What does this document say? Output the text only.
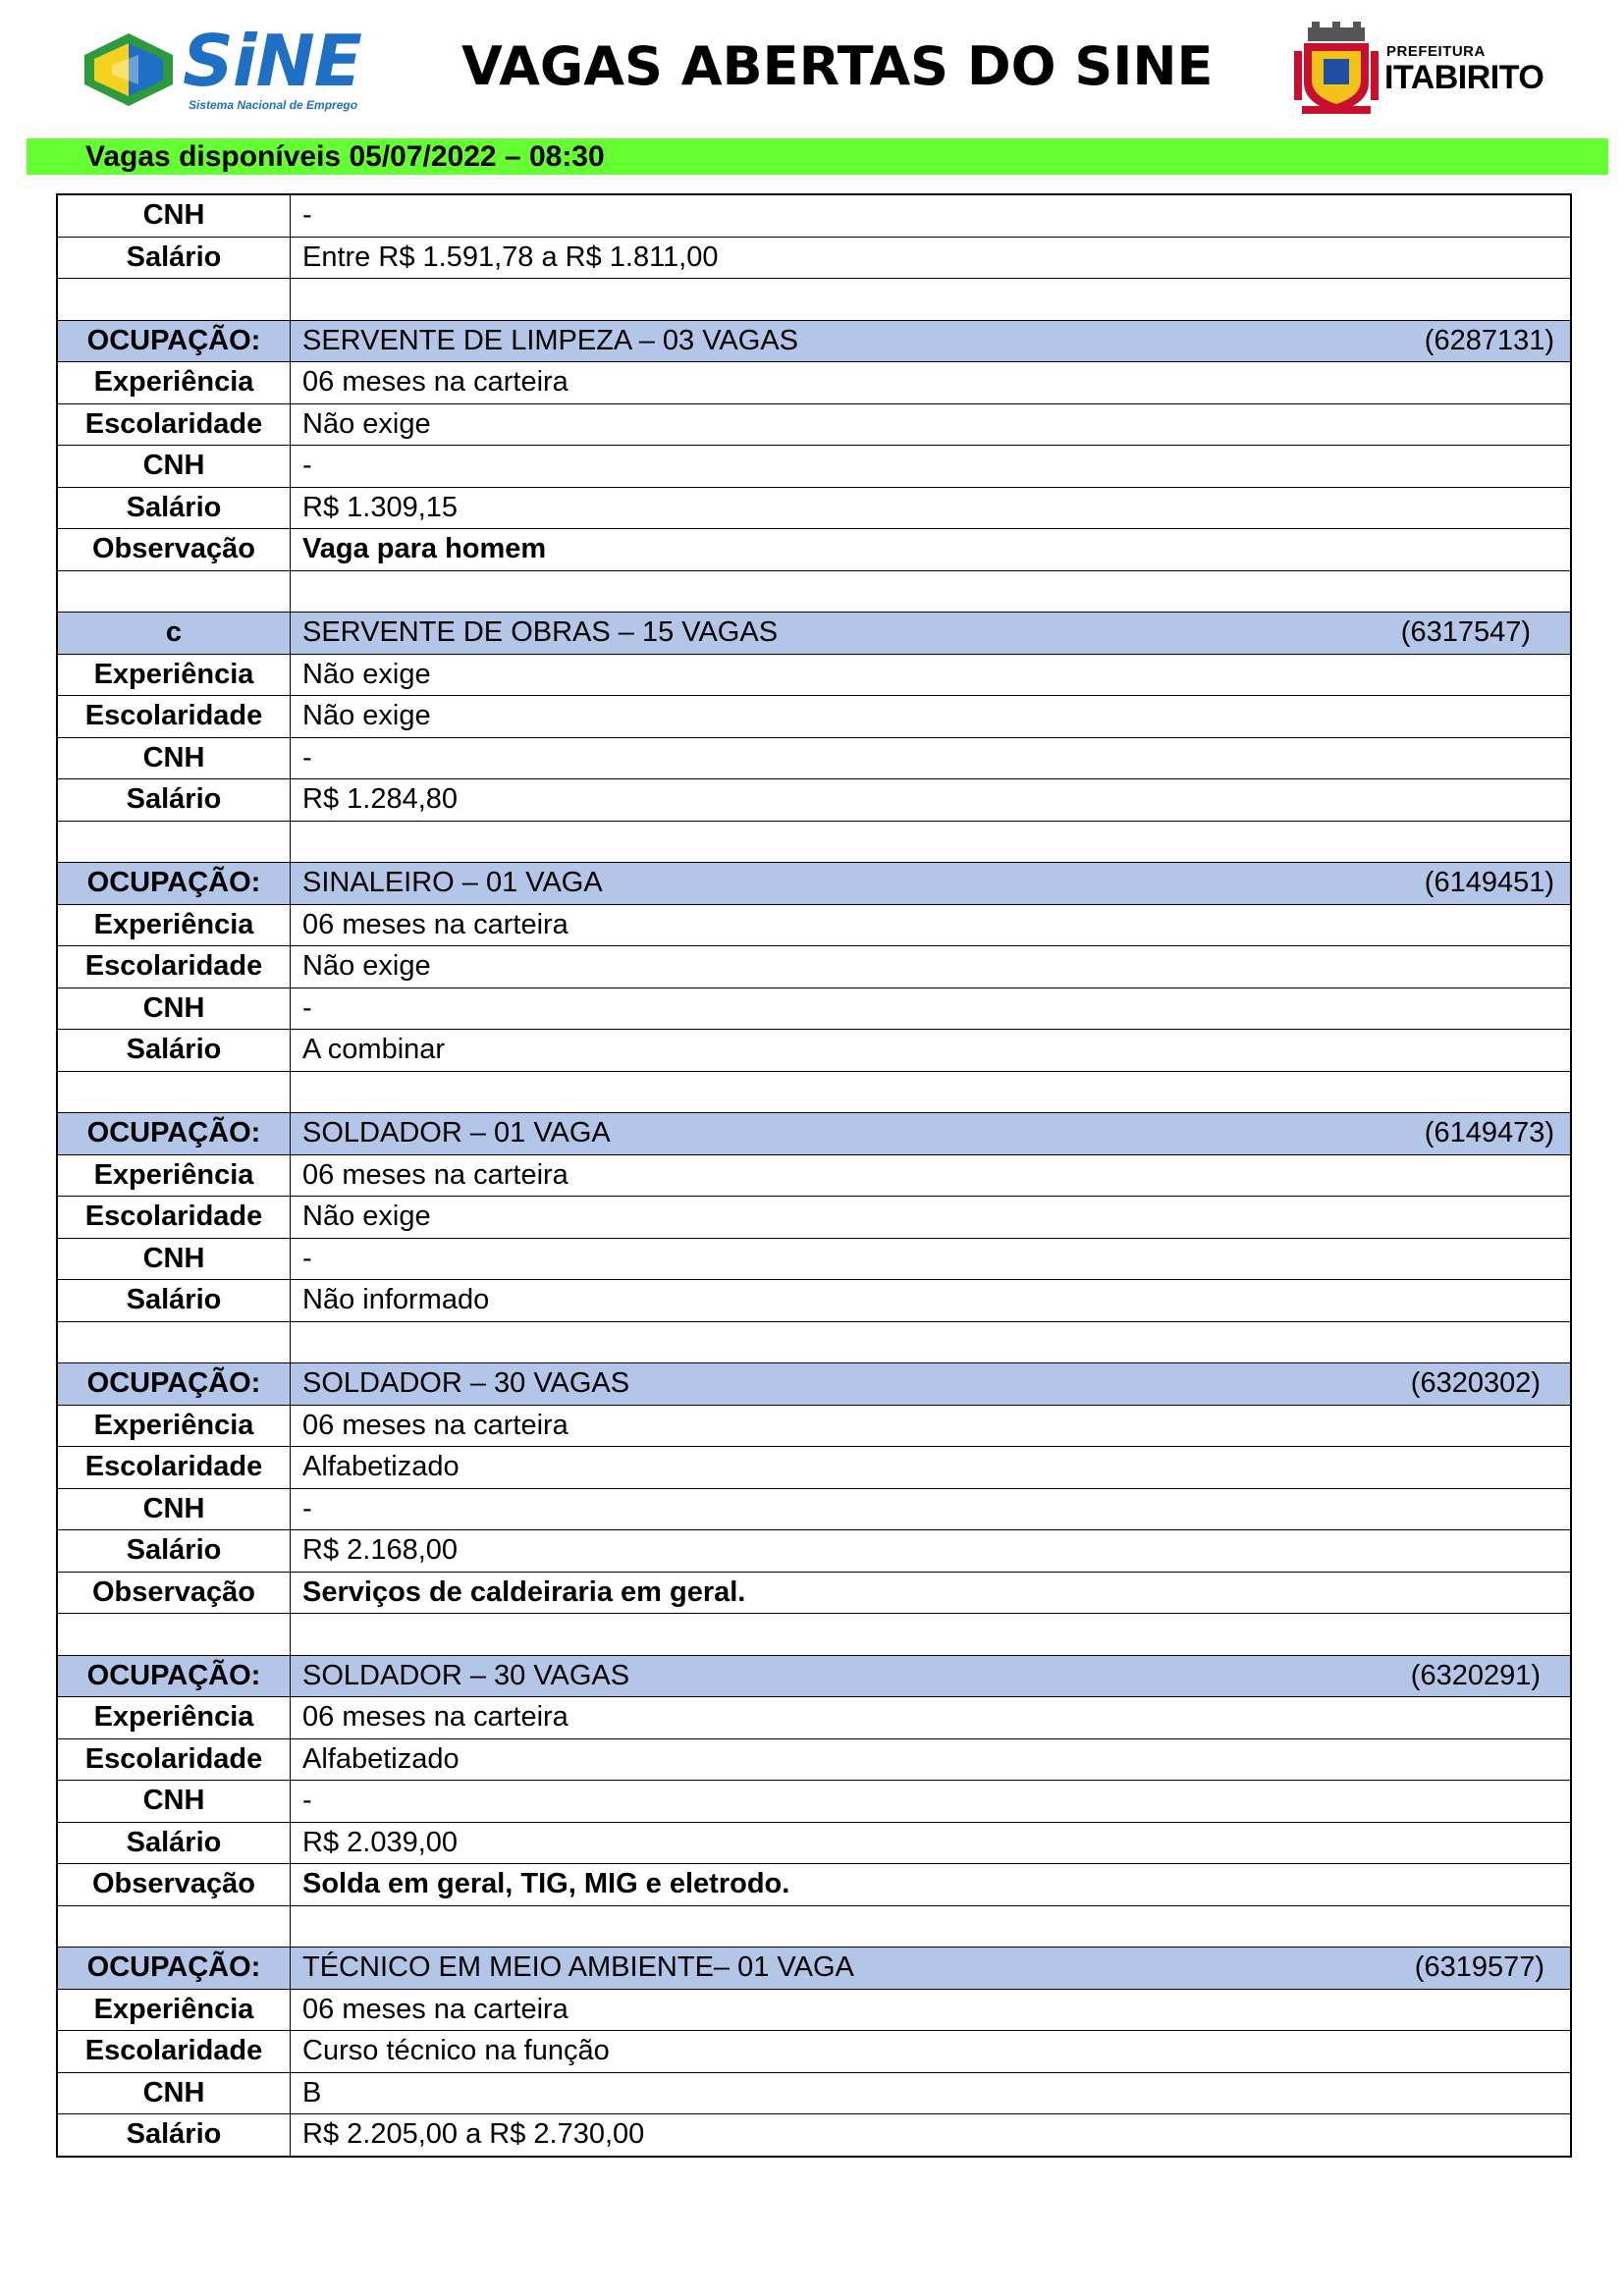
SiNE
Sistema Nacional de Emprego
VAGAS ABERTAS DO SINE	PREFEITURA
ITABIRITO
Vagas disponíveis 05/07/2022 – 08:30
CNH	-
Salário	Entre R$ 1.591,78 a R$ 1.811,00

OCUPAÇÃO:	SERVENTE DE LIMPEZA – 03 VAGAS (6287131)

Experiência	06 meses na carteira
Escolaridade	Não exige
CNH	-
Salário	R$ 1.309,15
Observação	Vaga para homem

c	SERVENTE DE OBRAS – 15 VAGAS (6317547)

Experiência	Não exige
Escolaridade	Não exige
CNH	-
Salário	R$ 1.284,80

OCUPAÇÃO:	SINALEIRO – 01 VAGA (6149451)

Experiência	06 meses na carteira
Escolaridade	Não exige
CNH	-
Salário	A combinar

OCUPAÇÃO:	SOLDADOR – 01 VAGA (6149473)

Experiência	06 meses na carteira
Escolaridade	Não exige
CNH	-
Salário	Não informado

OCUPAÇÃO:	SOLDADOR – 30 VAGAS (6320302)

Experiência	06 meses na carteira
Escolaridade	Alfabetizado
CNH	-
Salário	R$ 2.168,00
Observação	Serviços de caldeiraria em geral.

OCUPAÇÃO:	SOLDADOR – 30 VAGAS (6320291)

Experiência	06 meses na carteira
Escolaridade	Alfabetizado
CNH	-
Salário	R$ 2.039,00
Observação	Solda em geral, TIG, MIG e eletrodo.

OCUPAÇÃO:	TÉCNICO EM MEIO AMBIENTE– 01 VAGA (6319577)

Experiência	06 meses na carteira
Escolaridade	Curso técnico na função
CNH	B
Salário	R$ 2.205,00 a R$ 2.730,00
